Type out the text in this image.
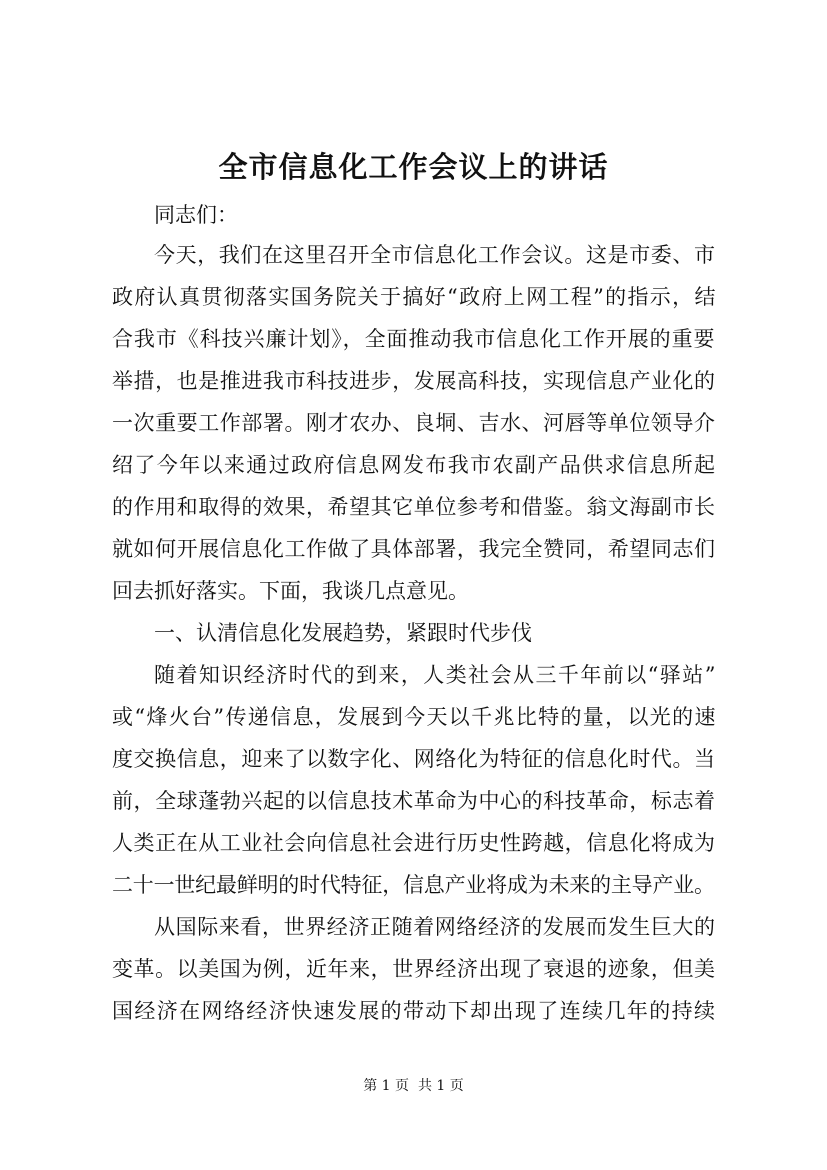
全市信息化工作会议上的讲话
同志们：
今天，我们在这里召开全市信息化工作会议。这是市委、市
政府认真贯彻落实国务院关于搞好“政府上网工程”的指示，结
合我市《科技兴廉计划》，全面推动我市信息化工作开展的重要
举措，也是推进我市科技进步，发展高科技，实现信息产业化的
一次重要工作部署。刚才农办、良垌、吉水、河唇等单位领导介
绍了今年以来通过政府信息网发布我市农副产品供求信息所起
的作用和取得的效果，希望其它单位参考和借鉴。翁文海副市长
就如何开展信息化工作做了具体部署，我完全赞同，希望同志们
回去抓好落实。下面，我谈几点意见。
一、认清信息化发展趋势，紧跟时代步伐
随着知识经济时代的到来，人类社会从三千年前以“驿站”
或“烽火台”传递信息，发展到今天以千兆比特的量，以光的速
度交换信息，迎来了以数字化、网络化为特征的信息化时代。当
前，全球蓬勃兴起的以信息技术革命为中心的科技革命，标志着
人类正在从工业社会向信息社会进行历史性跨越，信息化将成为
二十一世纪最鲜明的时代特征，信息产业将成为未来的主导产业。
从国际来看，世界经济正随着网络经济的发展而发生巨大的
变革。以美国为例，近年来，世界经济出现了衰退的迹象，但美
国经济在网络经济快速发展的带动下却出现了连续几年的持续
第 1 页  共 1 页
